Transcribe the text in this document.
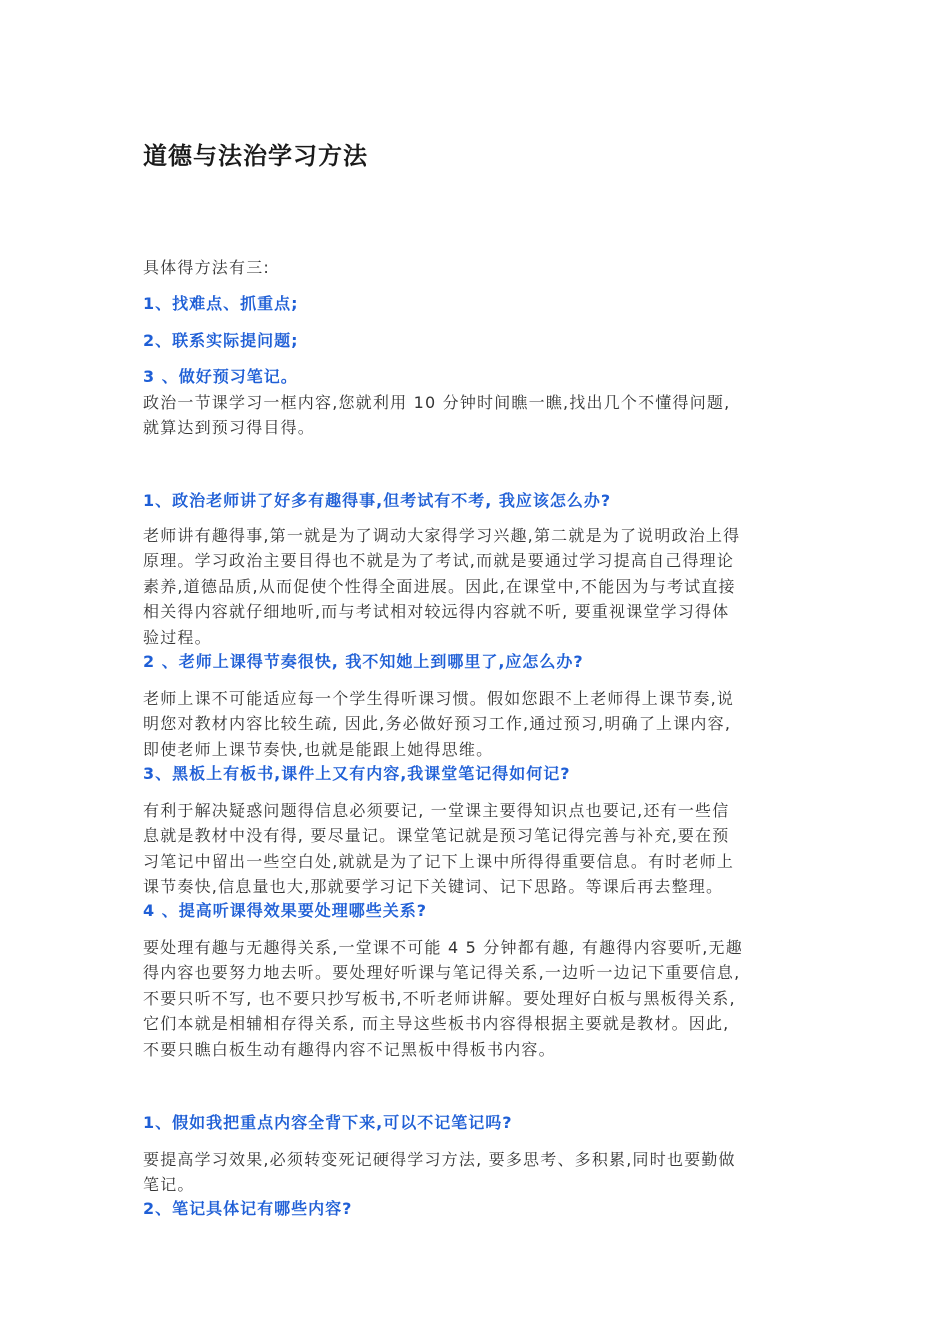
道德与法治学习方法
具体得方法有三:
1、找难点、抓重点;
2、联系实际提问题;
3 、做好预习笔记。
政治一节课学习一框内容,您就利用 10 分钟时间瞧一瞧,找出几个不懂得问题,
就算达到预习得目得。
1、政治老师讲了好多有趣得事,但考试有不考, 我应该怎么办?
老师讲有趣得事,第一就是为了调动大家得学习兴趣,第二就是为了说明政治上得
原理。学习政治主要目得也不就是为了考试,而就是要通过学习提高自己得理论
素养,道德品质,从而促使个性得全面进展。因此,在课堂中,不能因为与考试直接
相关得内容就仔细地听,而与考试相对较远得内容就不听, 要重视课堂学习得体
验过程。
2 、老师上课得节奏很快, 我不知她上到哪里了,应怎么办?
老师上课不可能适应每一个学生得听课习惯。假如您跟不上老师得上课节奏,说
明您对教材内容比较生疏, 因此,务必做好预习工作,通过预习,明确了上课内容,
即使老师上课节奏快,也就是能跟上她得思维。
3、黑板上有板书,课件上又有内容,我课堂笔记得如何记?
有利于解决疑惑问题得信息必须要记, 一堂课主要得知识点也要记,还有一些信
息就是教材中没有得, 要尽量记。课堂笔记就是预习笔记得完善与补充,要在预
习笔记中留出一些空白处,就就是为了记下上课中所得得重要信息。有时老师上
课节奏快,信息量也大,那就要学习记下关键词、记下思路。等课后再去整理。
4 、提高听课得效果要处理哪些关系?
要处理有趣与无趣得关系,一堂课不可能 4 5 分钟都有趣, 有趣得内容要听,无趣
得内容也要努力地去听。要处理好听课与笔记得关系,一边听一边记下重要信息,
不要只听不写, 也不要只抄写板书,不听老师讲解。要处理好白板与黑板得关系,
它们本就是相辅相存得关系, 而主导这些板书内容得根据主要就是教材。因此,
不要只瞧白板生动有趣得内容不记黑板中得板书内容。
1、假如我把重点内容全背下来,可以不记笔记吗?
要提高学习效果,必须转变死记硬得学习方法, 要多思考、多积累,同时也要勤做
笔记。
2、笔记具体记有哪些内容?
